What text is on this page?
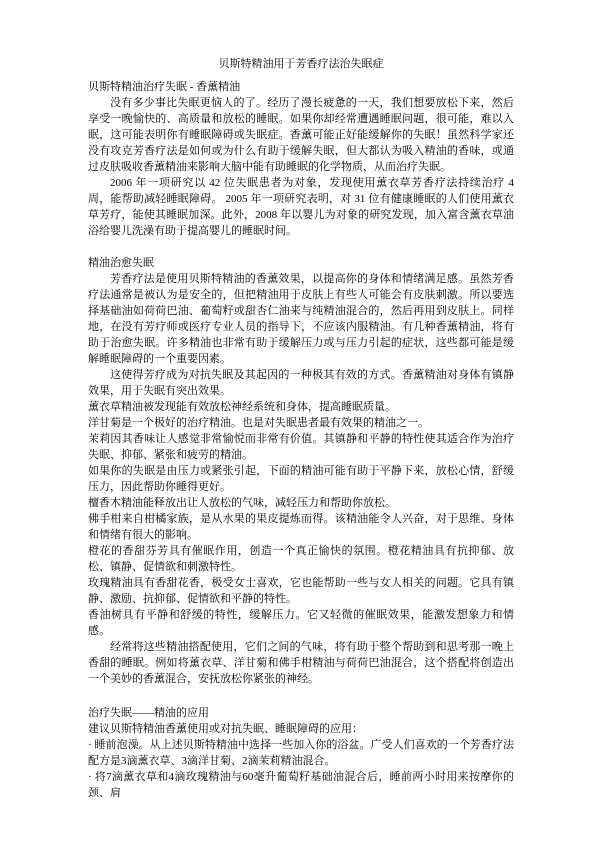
贝斯特精油用于芳香疗法治失眠症
贝斯特精油治疗失眠 - 香薰精油
没有多少事比失眠更恼人的了。经历了漫长疲惫的一天，我们想要放松下来，然后享受一晚愉快的、高质量和放松的睡眠。如果你却经常遭遇睡眠问题，很可能，难以入眠，这可能表明你有睡眠障碍或失眠症。香薰可能正好能缓解你的失眠！虽然科学家还没有攻克芳香疗法是如何或为什么有助于缓解失眠，但大都认为吸入精油的香味，或通过皮肤吸收香薰精油来影响大脑中能有助睡眠的化学物质，从而治疗失眠。
2006 年一项研究以 42 位失眠患者为对象，发现使用薰衣草芳香疗法持续治疗 4 周，能帮助减轻睡眠障碍。 2005 年一项研究表明，对 31 位有健康睡眠的人们使用薰衣草芳疗，能使其睡眠加深。此外，2008 年以婴儿为对象的研究发现，加入富含薰衣草油浴给婴儿洗澡有助于提高婴儿的睡眠时间。
精油治愈失眠
芳香疗法是使用贝斯特精油的香薰效果，以提高你的身体和情绪满足感。虽然芳香疗法通常是被认为是安全的，但把精油用于皮肤上有些人可能会有皮肤刺激。所以要选择基础油如荷荷巴油、葡萄籽或甜杏仁油来与纯精油混合的，然后再用到皮肤上。同样地，在没有芳疗师或医疗专业人员的指导下，不应该内服精油。有几种香薰精油，将有助于治愈失眠。许多精油也非常有助于缓解压力或与压力引起的症状，这些都可能是缓解睡眠障碍的一个重要因素。
这使得芳疗成为对抗失眠及其起因的一种极其有效的方式。香薰精油对身体有镇静效果，用于失眠有突出效果。
薰衣草精油被发现能有效放松神经系统和身体，提高睡眠质量。
洋甘菊是一个极好的治疗精油。也是对失眠患者最有效果的精油之一。
茉莉因其香味让人感觉非常愉悦而非常有价值。其镇静和平静的特性使其适合作为治疗失眠、抑郁、紧张和疲劳的精油。
如果你的失眠是由压力或紧张引起，下面的精油可能有助于平静下来，放松心情，舒缓压力，因此帮助你睡得更好。
檀香木精油能释放出让人放松的气味，减轻压力和帮助你放松。
佛手柑来自柑橘家族，是从水果的果皮提炼而得。该精油能令人兴奋，对于思维、身体和情绪有很大的影响。
橙花的香甜芬芳具有催眠作用，创造一个真正愉快的氛围。橙花精油具有抗抑郁、放松、镇静、促情欲和刺激特性。
玫瑰精油具有香甜花香，极受女士喜欢，它也能帮助一些与女人相关的问题。它具有镇静、激励、抗抑郁、促情欲和平静的特性。
香油树具有平静和舒缓的特性，缓解压力。它又轻微的催眠效果，能激发想象力和情感。
经常将这些精油搭配使用，它们之间的气味，将有助于整个帮助到和思考那一晚上香甜的睡眠。例如将薰衣草、洋甘菊和佛手柑精油与荷荷巴油混合，这个搭配将创造出一个美妙的香薰混合，安抚放松你紧张的神经。
治疗失眠——精油的应用
建议贝斯特精油香薰使用或对抗失眠、睡眠障碍的应用：
· 睡前泡澡。从上述贝斯特精油中选择一些加入你的浴盆。广受人们喜欢的一个芳香疗法配方是3滴薰衣草、3滴洋甘菊、2滴茉莉精油混合。
· 将7滴薰衣草和4滴玫瑰精油与60毫升葡萄籽基础油混合后，睡前两小时用来按摩你的颈、肩
